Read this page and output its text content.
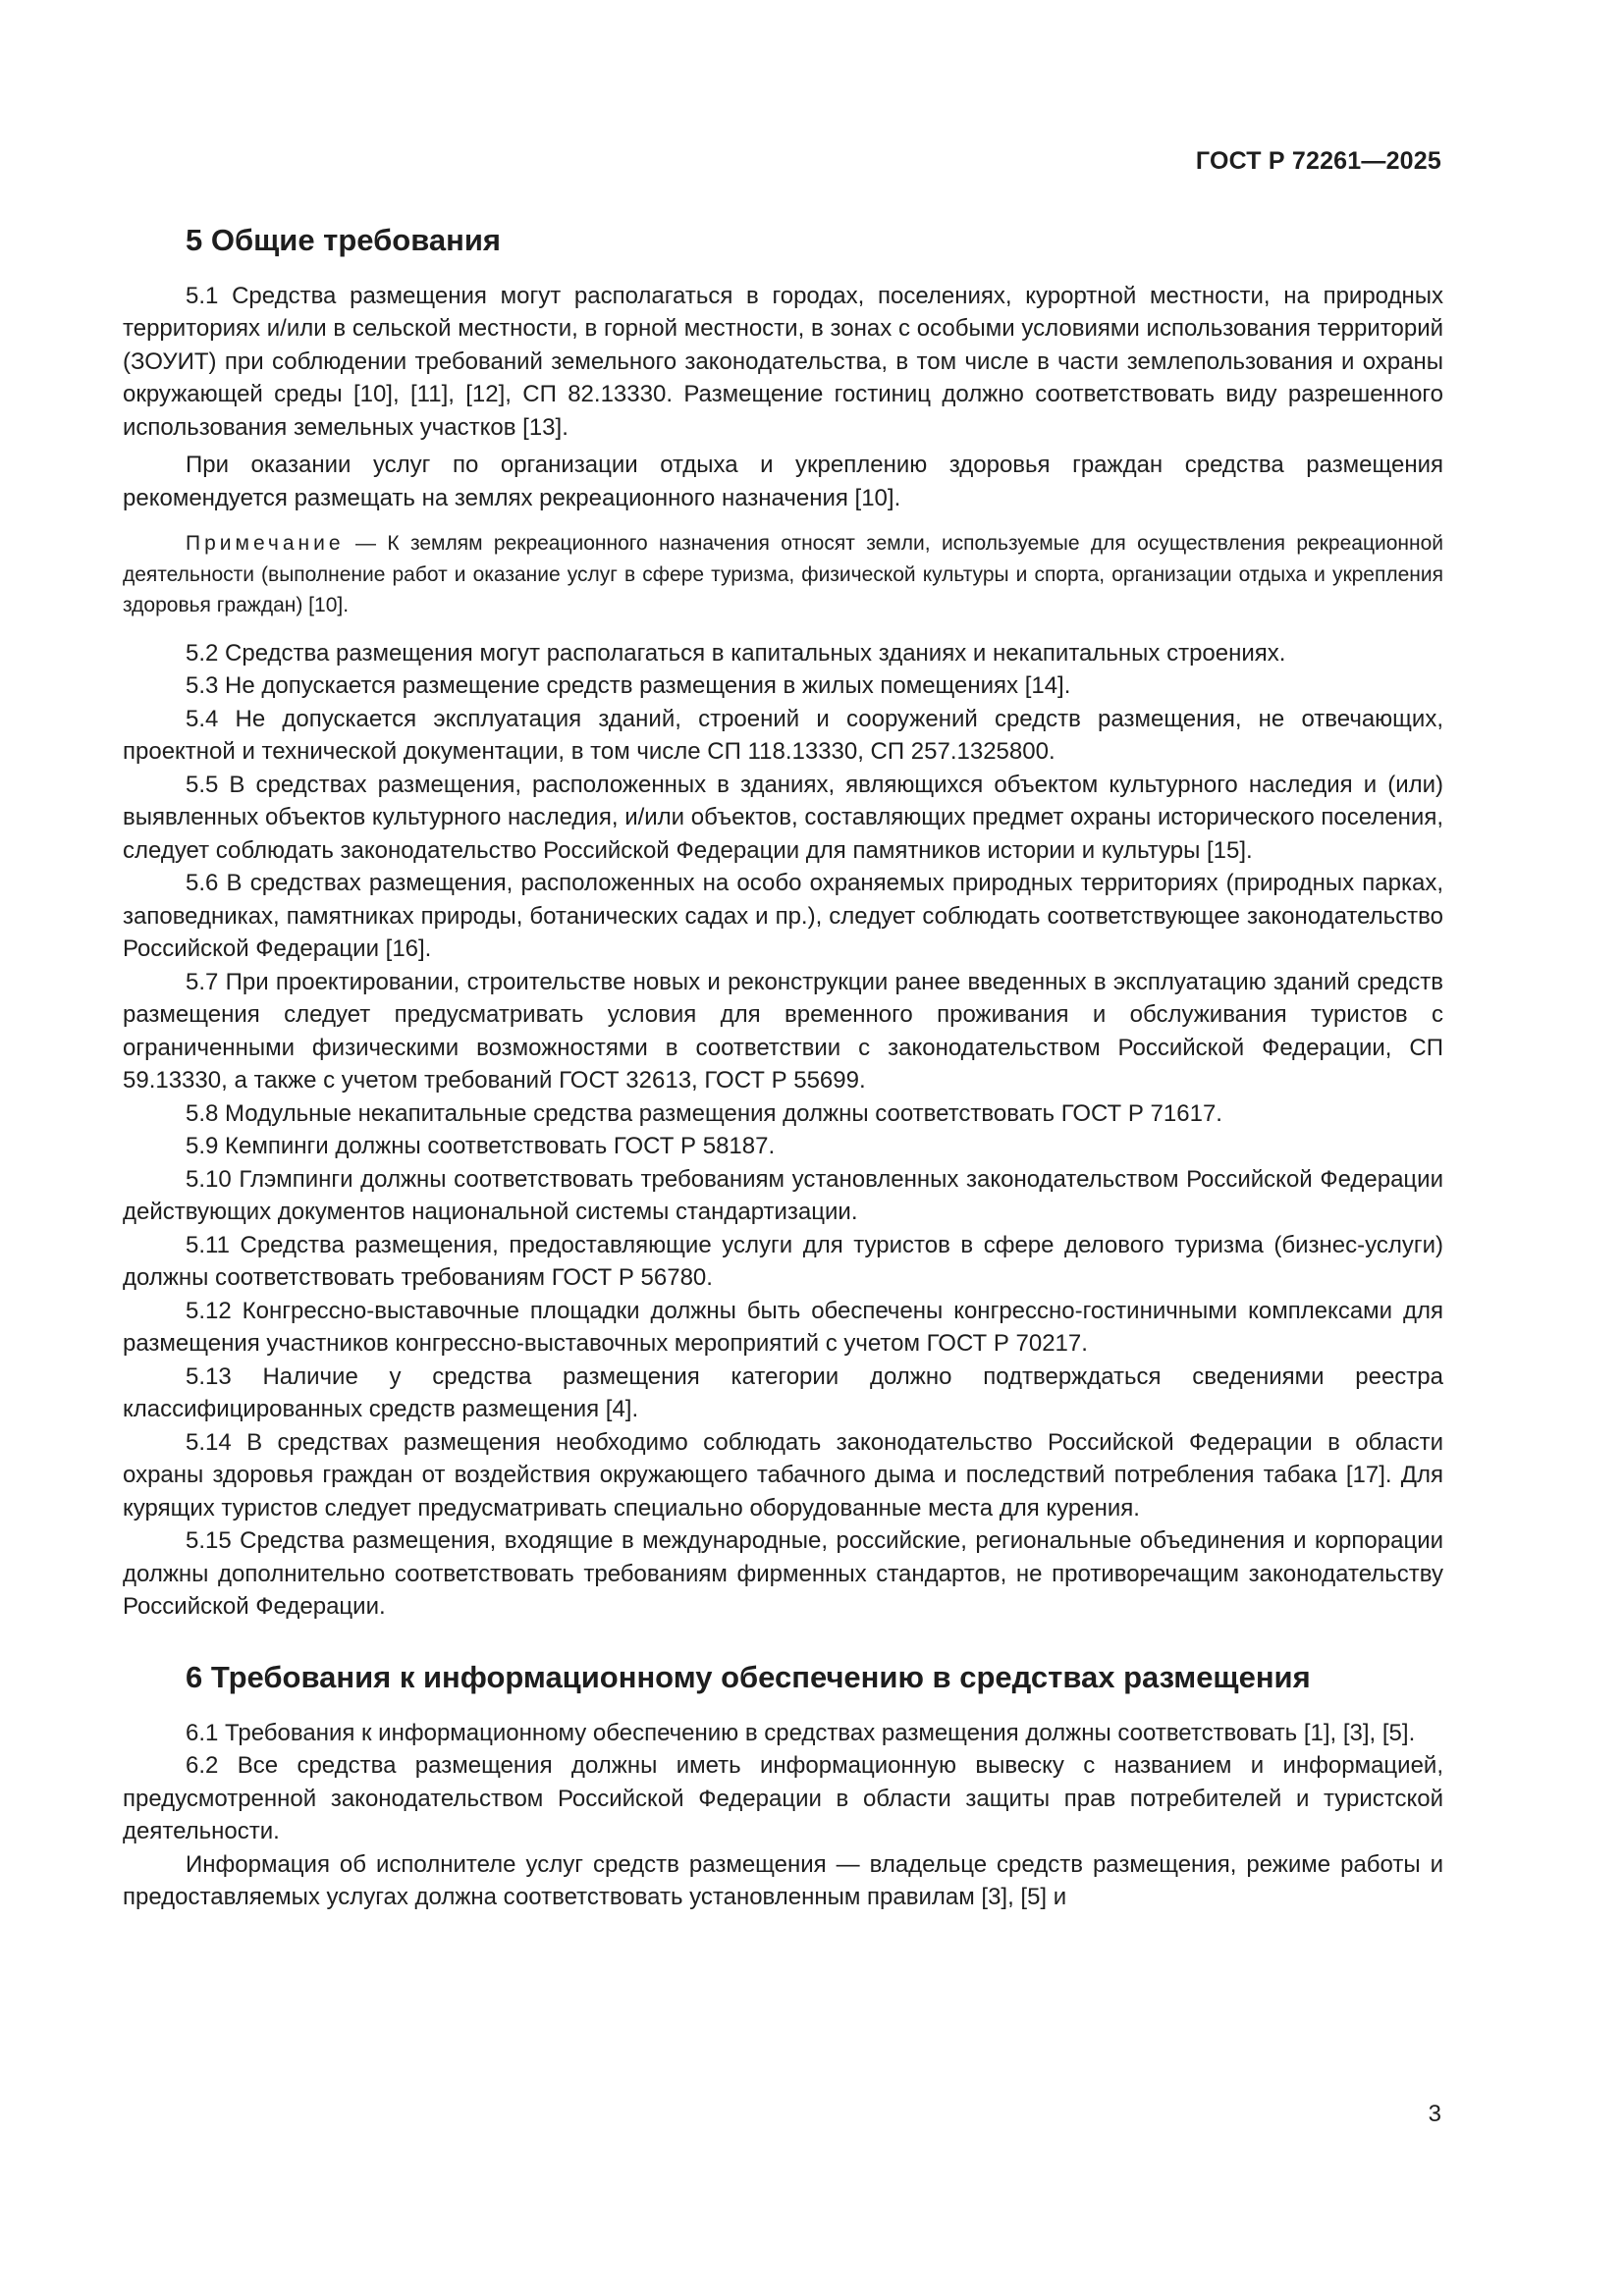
ГОСТ Р 72261—2025
5 Общие требования

5.1 Средства размещения могут располагаться в городах, поселениях, курортной местности, на природных территориях и/или в сельской местности, в горной местности, в зонах с особыми условиями использования территорий (ЗОУИТ) при соблюдении требований земельного законодательства, в том числе в части землепользования и охраны окружающей среды [10], [11], [12], СП 82.13330. Размещение гостиниц должно соответствовать виду разрешенного использования земельных участков [13].

При оказании услуг по организации отдыха и укреплению здоровья граждан средства размещения рекомендуется размещать на землях рекреационного назначения [10].

Примечание — К землям рекреационного назначения относят земли, используемые для осуществления рекреационной деятельности (выполнение работ и оказание услуг в сфере туризма, физической культуры и спорта, организации отдыха и укрепления здоровья граждан) [10].

5.2 Средства размещения могут располагаться в капитальных зданиях и некапитальных строениях.

5.3 Не допускается размещение средств размещения в жилых помещениях [14].

5.4 Не допускается эксплуатация зданий, строений и сооружений средств размещения, не отвечающих, проектной и технической документации, в том числе СП 118.13330, СП 257.1325800.

5.5 В средствах размещения, расположенных в зданиях, являющихся объектом культурного наследия и (или) выявленных объектов культурного наследия, и/или объектов, составляющих предмет охраны исторического поселения, следует соблюдать законодательство Российской Федерации для памятников истории и культуры [15].

5.6 В средствах размещения, расположенных на особо охраняемых природных территориях (природных парках, заповедниках, памятниках природы, ботанических садах и пр.), следует соблюдать соответствующее законодательство Российской Федерации [16].

5.7 При проектировании, строительстве новых и реконструкции ранее введенных в эксплуатацию зданий средств размещения следует предусматривать условия для временного проживания и обслуживания туристов с ограниченными физическими возможностями в соответствии с законодательством Российской Федерации, СП 59.13330, а также с учетом требований ГОСТ 32613, ГОСТ Р 55699.

5.8 Модульные некапитальные средства размещения должны соответствовать ГОСТ Р 71617.

5.9 Кемпинги должны соответствовать ГОСТ Р 58187.

5.10 Глэмпинги должны соответствовать требованиям установленных законодательством Российской Федерации действующих документов национальной системы стандартизации.

5.11 Средства размещения, предоставляющие услуги для туристов в сфере делового туризма (бизнес-услуги) должны соответствовать требованиям ГОСТ Р 56780.

5.12 Конгрессно-выставочные площадки должны быть обеспечены конгрессно-гостиничными комплексами для размещения участников конгрессно-выставочных мероприятий с учетом ГОСТ Р 70217.

5.13 Наличие у средства размещения категории должно подтверждаться сведениями реестра классифицированных средств размещения [4].

5.14 В средствах размещения необходимо соблюдать законодательство Российской Федерации в области охраны здоровья граждан от воздействия окружающего табачного дыма и последствий потребления табака [17]. Для курящих туристов следует предусматривать специально оборудованные места для курения.

5.15 Средства размещения, входящие в международные, российские, региональные объединения и корпорации должны дополнительно соответствовать требованиям фирменных стандартов, не противоречащим законодательству Российской Федерации.

6 Требования к информационному обеспечению в средствах размещения

6.1 Требования к информационному обеспечению в средствах размещения должны соответствовать [1], [3], [5].

6.2 Все средства размещения должны иметь информационную вывеску с названием и информацией, предусмотренной законодательством Российской Федерации в области защиты прав потребителей и туристской деятельности.

Информация об исполнителе услуг средств размещения — владельце средств размещения, режиме работы и предоставляемых услугах должна соответствовать установленным правилам [3], [5] и

3
